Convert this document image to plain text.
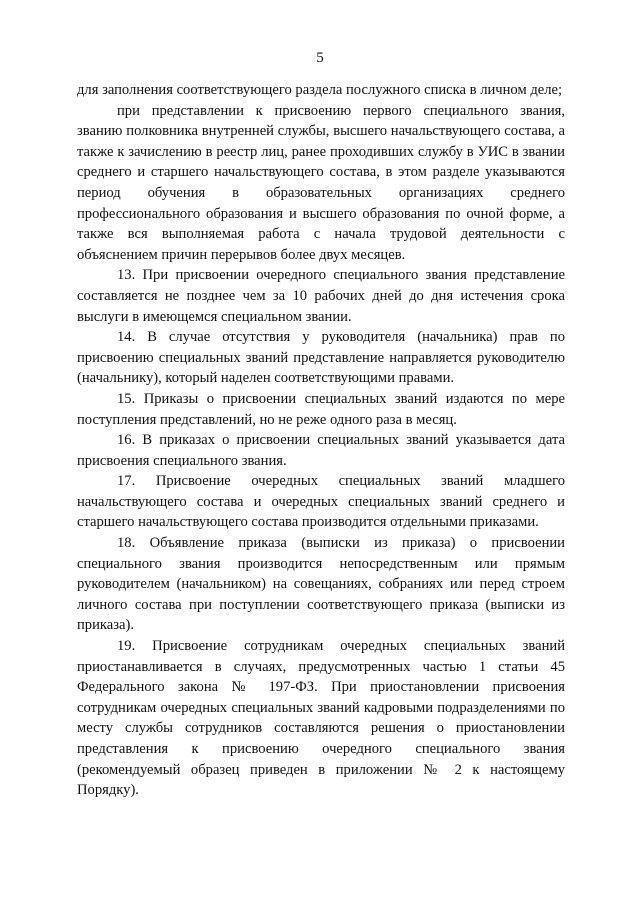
5

для заполнения соответствующего раздела послужного списка в личном деле;

при представлении к присвоению первого специального звания, званию полковника внутренней службы, высшего начальствующего состава, а также к зачислению в реестр лиц, ранее проходивших службу в УИС в звании среднего и старшего начальствующего состава, в этом разделе указываются период обучения в образовательных организациях среднего профессионального образования и высшего образования по очной форме, а также вся выполняемая работа с начала трудовой деятельности с объяснением причин перерывов более двух месяцев.

13. При присвоении очередного специального звания представление составляется не позднее чем за 10 рабочих дней до дня истечения срока выслуги в имеющемся специальном звании.

14. В случае отсутствия у руководителя (начальника) прав по присвоению специальных званий представление направляется руководителю (начальнику), который наделен соответствующими правами.

15. Приказы о присвоении специальных званий издаются по мере поступления представлений, но не реже одного раза в месяц.

16. В приказах о присвоении специальных званий указывается дата присвоения специального звания.

17. Присвоение очередных специальных званий младшего начальствующего состава и очередных специальных званий среднего и старшего начальствующего состава производится отдельными приказами.

18. Объявление приказа (выписки из приказа) о присвоении специального звания производится непосредственным или прямым руководителем (начальником) на совещаниях, собраниях или перед строем личного состава при поступлении соответствующего приказа (выписки из приказа).

19. Присвоение сотрудникам очередных специальных званий приостанавливается в случаях, предусмотренных частью 1 статьи 45 Федерального закона № 197-ФЗ. При приостановлении присвоения сотрудникам очередных специальных званий кадровыми подразделениями по месту службы сотрудников составляются решения о приостановлении представления к присвоению очередного специального звания (рекомендуемый образец приведен в приложении № 2 к настоящему Порядку).
